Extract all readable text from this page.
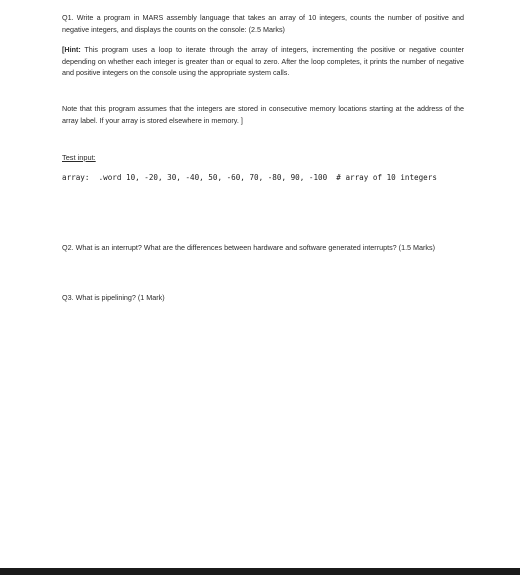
Q1. Write a program in MARS assembly language that takes an array of 10 integers, counts the number of positive and negative integers, and displays the counts on the console: (2.5 Marks)

[Hint: This program uses a loop to iterate through the array of integers, incrementing the positive or negative counter depending on whether each integer is greater than or equal to zero. After the loop completes, it prints the number of negative and positive integers on the console using the appropriate system calls.

Note that this program assumes that the integers are stored in consecutive memory locations starting at the address of the array label. If your array is stored elsewhere in memory. ]

Test input:

array:  .word 10, -20, 30, -40, 50, -60, 70, -80, 90, -100  # array of 10 integers

Q2. What is an interrupt? What are the differences between hardware and software generated interrupts? (1.5 Marks)

Q3. What is pipelining? (1 Mark)
